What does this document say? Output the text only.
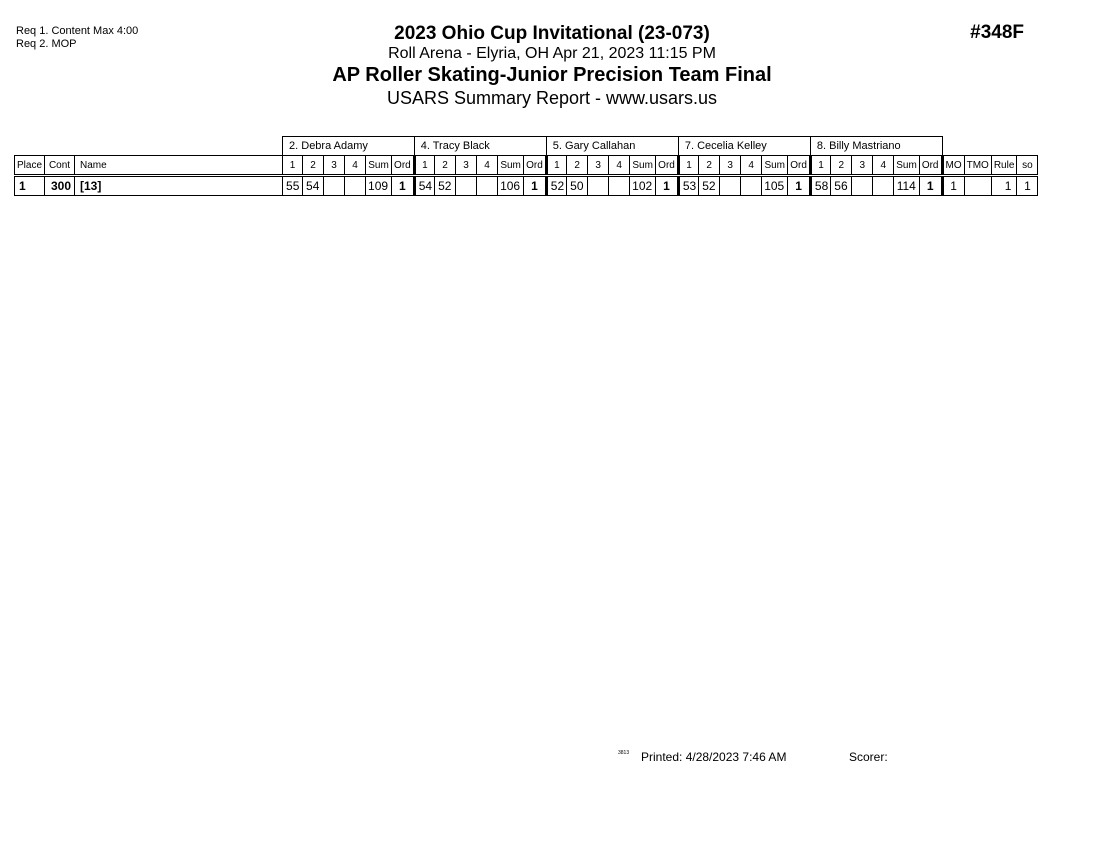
Req 1. Content Max 4:00
Req 2. MOP
#348F
2023 Ohio Cup Invitational (23-073)
Roll Arena - Elyria, OH Apr 21, 2023 11:15 PM
AP Roller Skating-Junior Precision Team Final
USARS Summary Report - www.usars.us
			2. Debra Adamy						4. Tracy Black						5. Gary Callahan						7. Cecelia Kelley						8. Billy Mastriano									
Place	Cont	Name	1	2	3	4	Sum	Ord	1	2	3	4	Sum	Ord	1	2	3	4	Sum	Ord	1	2	3	4	Sum	Ord	1	2	3	4	Sum	Ord	MO	TMO	Rule	so
1	300	[13]	55	54			109	1	54	52			106	1	52	50			102	1	53	52			105	1	58	56			114	1	1		1	1
3813 Printed: 4/28/2023 7:46 AM	Scorer:
